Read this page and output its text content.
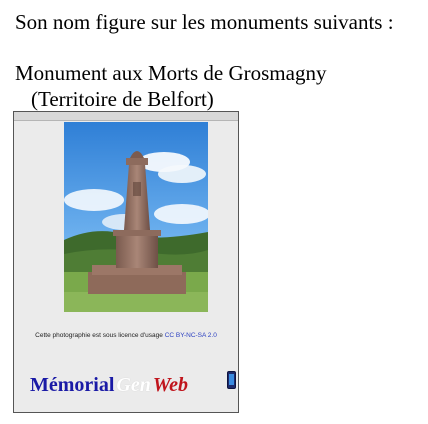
Son nom figure sur les monuments suivants :
Monument aux Morts de Grosmagny
(Territoire de Belfort)
Cette photographie est sous licence d'usage CC BY-NC-SA 2.0
Mémorial Gen Web
